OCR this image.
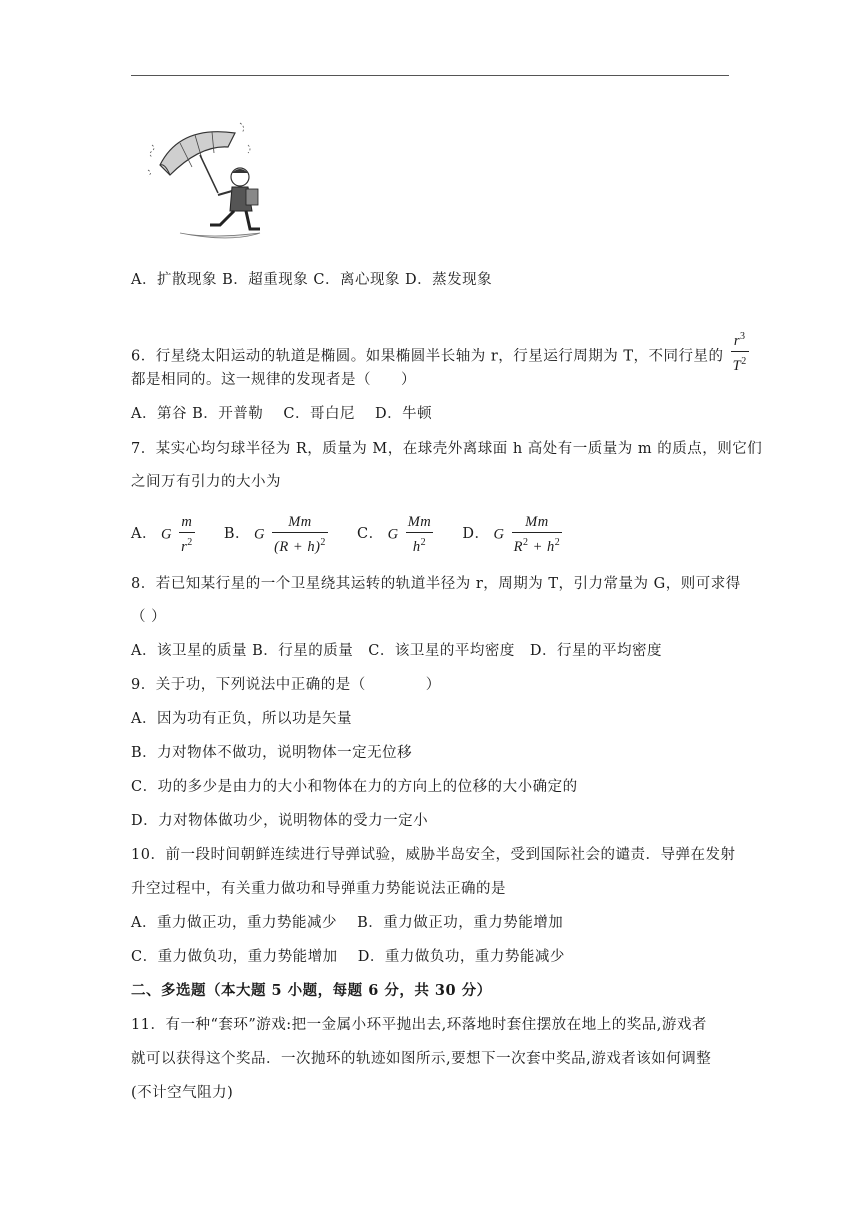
A．扩散现象 B．超重现象 C．离心现象 D．蒸发现象
6．行星绕太阳运动的轨道是椭圆。如果椭圆半长轴为 r，行星运行周期为 T，不同行星的 $\frac{r^3}{T^2}$
都是相同的。这一规律的发现者是（　　）
A．第谷 B．开普勒　 C．哥白尼　 D．牛顿
7．某实心均匀球半径为 R，质量为 M，在球壳外离球面 h 高处有一质量为 m 的质点，则它们
之间万有引力的大小为
A． G $\frac{m}{r^2}$ B． G $\frac{Mm}{(R + h)^2}$ C． G $\frac{Mm}{h^2}$ D． G $\frac{Mm}{R^2 + h^2}$
8．若已知某行星的一个卫星绕其运转的轨道半径为 r，周期为 T，引力常量为 G，则可求得
（ ）
A．该卫星的质量 B．行星的质量　C．该卫星的平均密度　D．行星的平均密度
9．关于功，下列说法中正确的是（　　　　）
A．因为功有正负，所以功是矢量
B．力对物体不做功，说明物体一定无位移
C．功的多少是由力的大小和物体在力的方向上的位移的大小确定的
D．力对物体做功少，说明物体的受力一定小
10．前一段时间朝鲜连续进行导弹试验，威胁半岛安全，受到国际社会的谴责．导弹在发射
升空过程中，有关重力做功和导弹重力势能说法正确的是
A．重力做正功，重力势能减少　 B．重力做正功，重力势能增加
C．重力做负功，重力势能增加　 D．重力做负功，重力势能减少
二、多选题（本大题 5 小题，每题 6 分，共 30 分）
11．有一种“套环”游戏:把一金属小环平抛出去,环落地时套住摆放在地上的奖品,游戏者
就可以获得这个奖品．一次抛环的轨迹如图所示,要想下一次套中奖品,游戏者该如何调整
(不计空气阻力)
